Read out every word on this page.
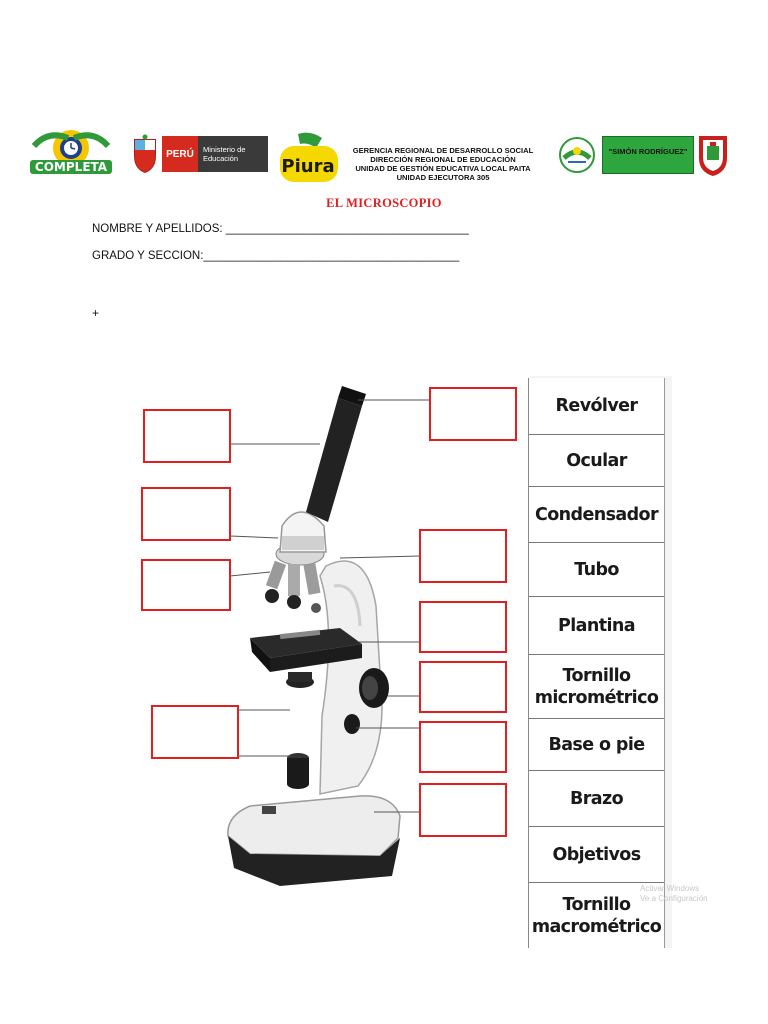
COMPLETA
PERÚ	Ministerio de Educación	Piura
GERENCIA REGIONAL DE DESARROLLO SOCIAL
DIRECCIÓN REGIONAL DE EDUCACIÓN
UNIDAD DE GESTIÓN EDUCATIVA LOCAL PAITA
UNIDAD EJECUTORA 305
"SIMÓN RODRÍGUEZ"
EL MICROSCOPIO
NOMBRE Y APELLIDOS: ______________________________________
GRADO Y SECCION:________________________________________
+
Revólver
Ocular
Condensador
Tubo
Plantina
Tornillo micrométrico
Base o pie
Brazo
Objetivos
Tornillo macrométrico
Activar Windows
Ve a Configuración
